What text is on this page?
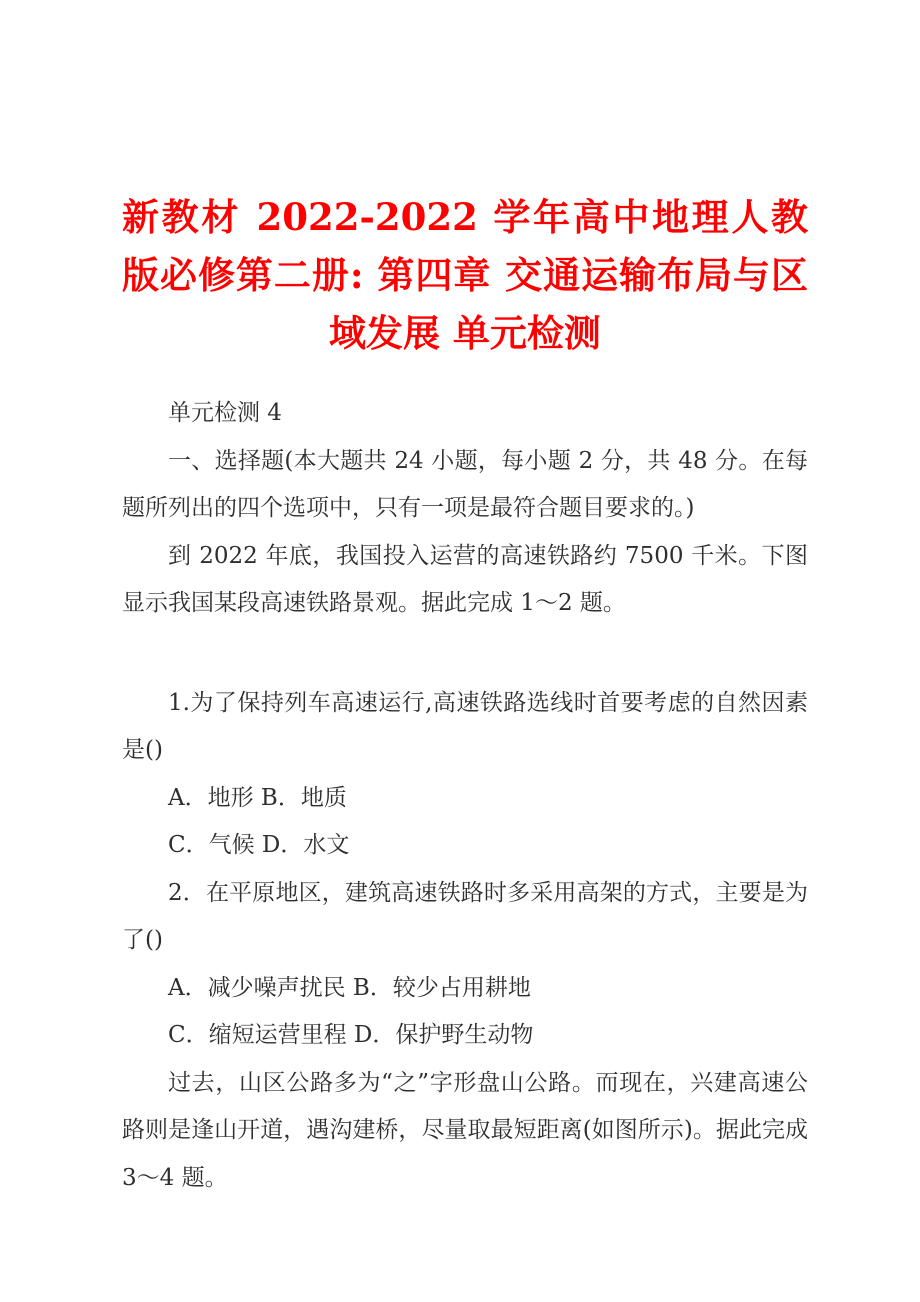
新教材 2022-2022 学年高中地理人教版必修第二册: 第四章 交通运输布局与区域发展 单元检测

单元检测 4

一、选择题(本大题共 24 小题，每小题 2 分，共 48 分。在每题所列出的四个选项中，只有一项是最符合题目要求的。)

到 2022 年底，我国投入运营的高速铁路约 7500 千米。下图显示我国某段高速铁路景观。据此完成 1～2 题。

1.为了保持列车高速运行,高速铁路选线时首要考虑的自然因素是()

A．地形 B．地质

C．气候 D．水文

2．在平原地区，建筑高速铁路时多采用高架的方式，主要是为了()

A．减少噪声扰民 B．较少占用耕地

C．缩短运营里程 D．保护野生动物

过去，山区公路多为“之”字形盘山公路。而现在，兴建高速公路则是逢山开道，遇沟建桥，尽量取最短距离(如图所示)。据此完成 3～4 题。
